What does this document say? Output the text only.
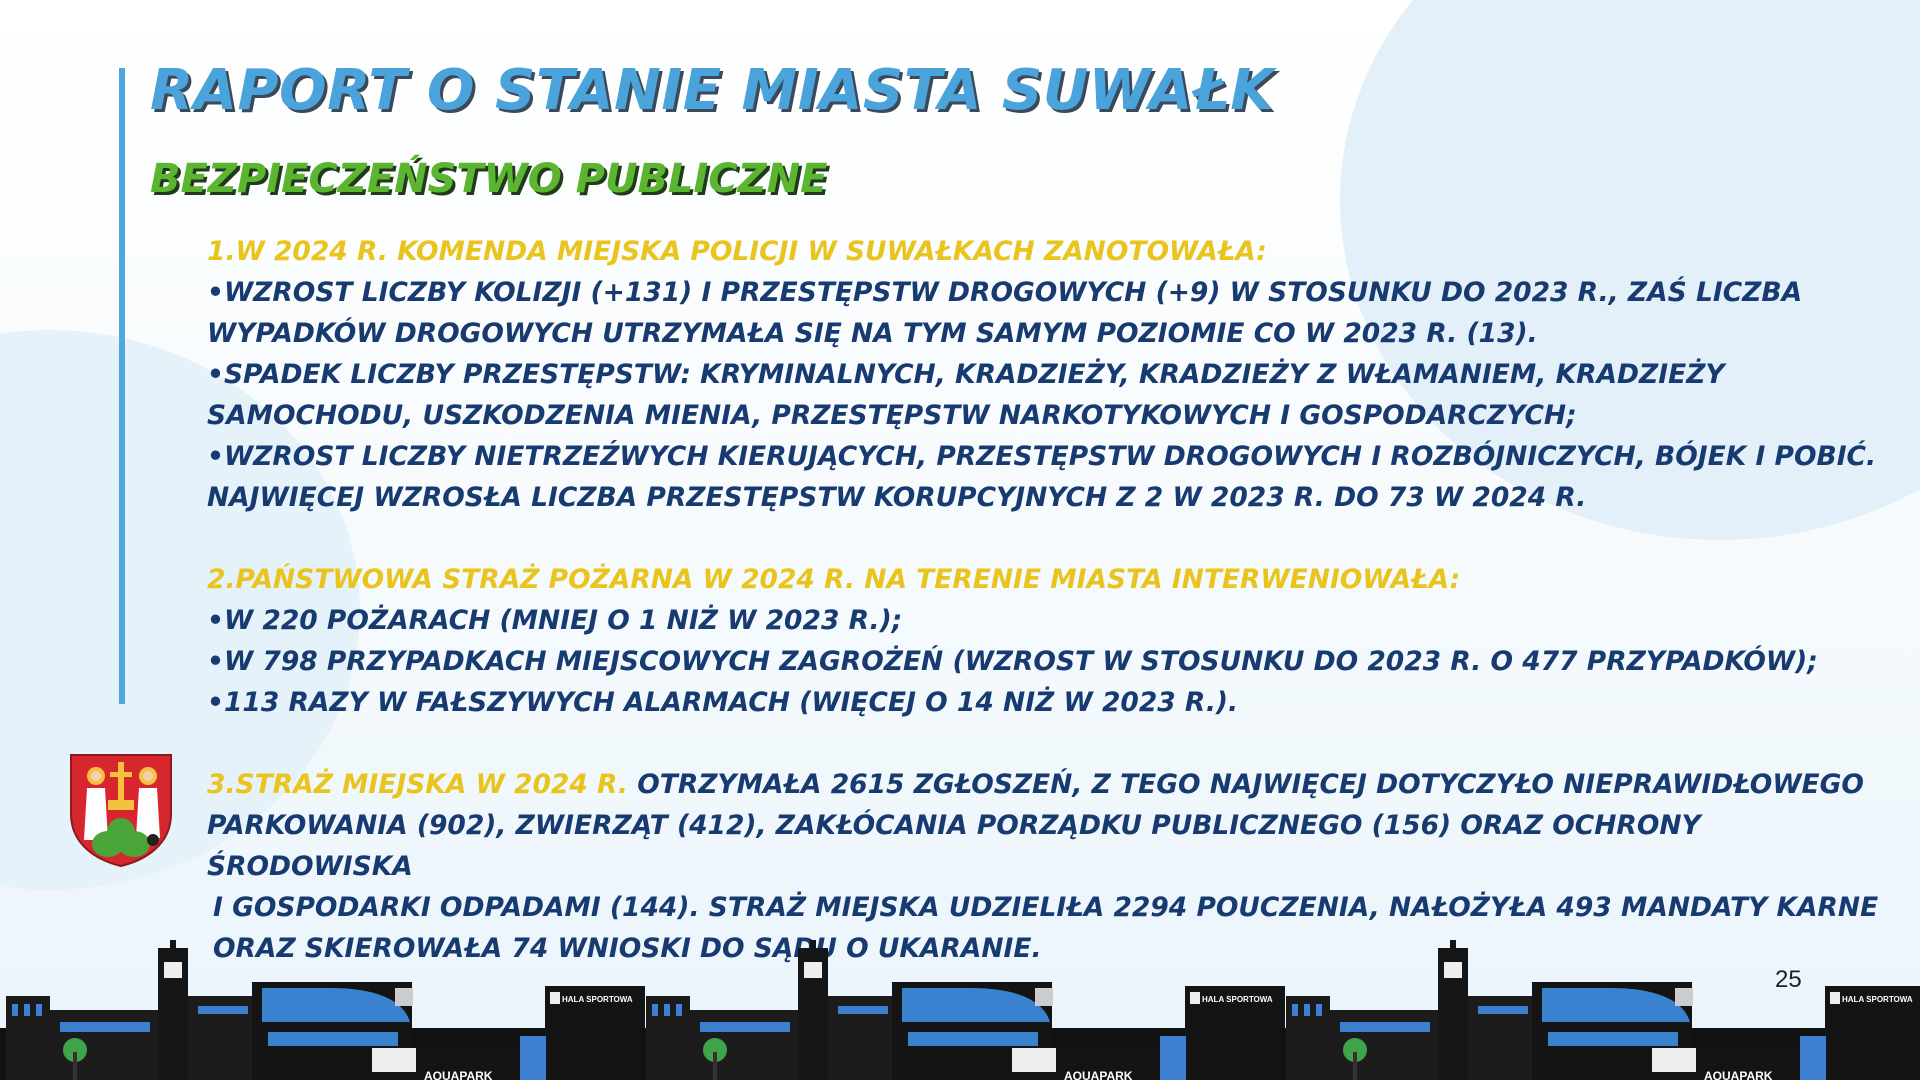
RAPORT O STANIE MIASTA SUWAŁK
BEZPIECZEŃSTWO PUBLICZNE

1.W 2024 R. KOMENDA MIEJSKA POLICJI W SUWAŁKACH ZANOTOWAŁA:

•WZROST LICZBY KOLIZJI (+131) I PRZESTĘPSTW DROGOWYCH (+9) W STOSUNKU DO 2023 R., ZAŚ LICZBA

WYPADKÓW DROGOWYCH UTRZYMAŁA SIĘ NA TYM SAMYM POZIOMIE CO W 2023 R. (13).

•SPADEK LICZBY PRZESTĘPSTW: KRYMINALNYCH, KRADZIEŻY, KRADZIEŻY Z WŁAMANIEM, KRADZIEŻY

SAMOCHODU, USZKODZENIA MIENIA, PRZESTĘPSTW NARKOTYKOWYCH I GOSPODARCZYCH;

•WZROST LICZBY NIETRZEŹWYCH KIERUJĄCYCH, PRZESTĘPSTW DROGOWYCH I ROZBÓJNICZYCH, BÓJEK I POBIĆ.

NAJWIĘCEJ WZROSŁA LICZBA PRZESTĘPSTW KORUPCYJNYCH Z 2 W 2023 R. DO 73 W 2024 R.

2.PAŃSTWOWA STRAŻ POŻARNA W 2024 R. NA TERENIE MIASTA INTERWENIOWAŁA:

•W 220 POŻARACH (MNIEJ O 1 NIŻ W 2023 R.);

•W 798 PRZYPADKACH MIEJSCOWYCH ZAGROŻEŃ (WZROST W STOSUNKU DO 2023 R. O 477 PRZYPADKÓW);

•113 RAZY W FAŁSZYWYCH ALARMACH (WIĘCEJ O 14 NIŻ W 2023 R.).

3.STRAŻ MIEJSKA W 2024 R. OTRZYMAŁA 2615 ZGŁOSZEŃ, Z TEGO NAJWIĘCEJ DOTYCZYŁO NIEPRAWIDŁOWEGO

PARKOWANIA (902), ZWIERZĄT (412), ZAKŁÓCANIA PORZĄDKU PUBLICZNEGO (156) ORAZ OCHRONY

ŚRODOWISKA

I GOSPODARKI ODPADAMI (144). STRAŻ MIEJSKA UDZIELIŁA 2294 POUCZENIA, NAŁOŻYŁA 493 MANDATY KARNE

ORAZ SKIEROWAŁA 74 WNIOSKI DO SĄDU O UKARANIE.

25
